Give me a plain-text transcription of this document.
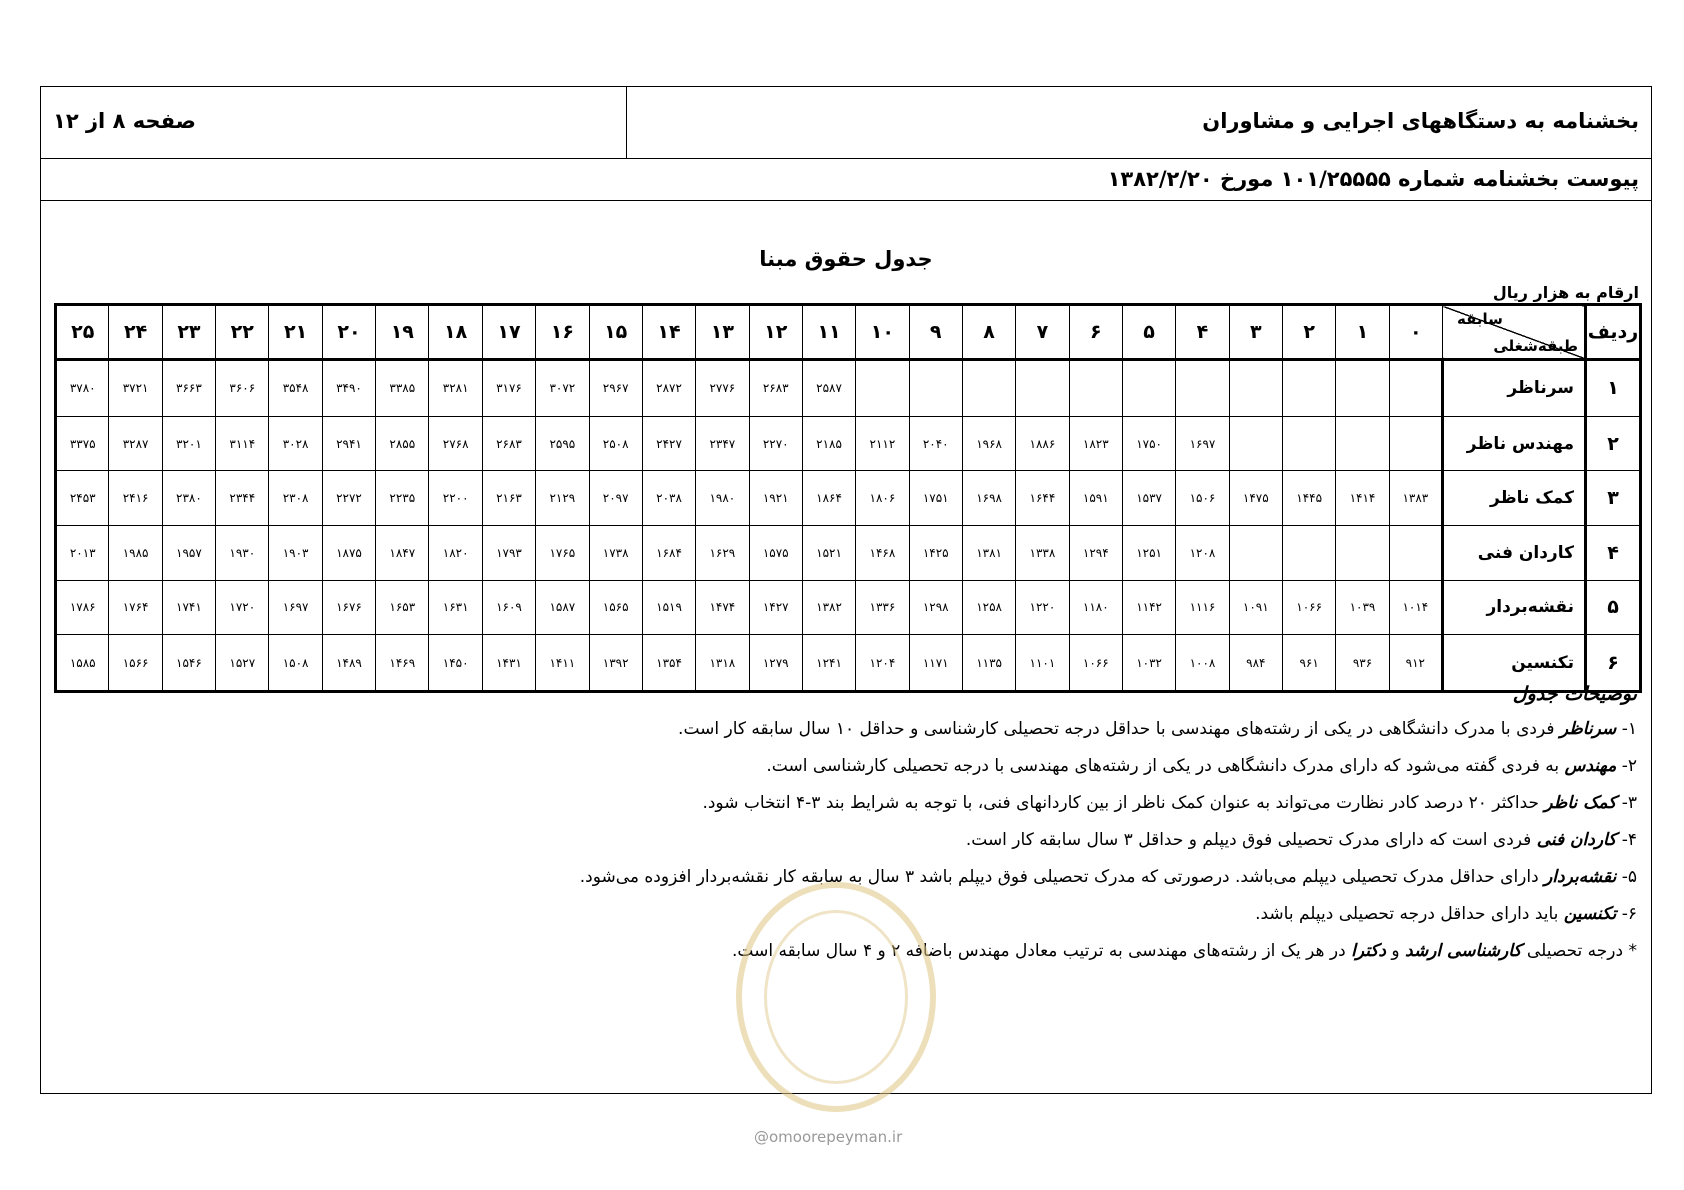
صفحه ۸ از ۱۲	بخشنامه به دستگاههای اجرایی و مشاوران
پیوست بخشنامه شماره ۱۰۱/۲۵۵۵۵ مورخ ۱۳۸۲/۲/۲۰
جدول حقوق مبنا
ارقام به هزار ریال
ردیف	سابقه
طبقه‌شغلی	۰	۱	۲	۳	۴	۵	۶	۷	۸	۹	۱۰	۱۱	۱۲	۱۳	۱۴	۱۵	۱۶	۱۷	۱۸	۱۹	۲۰	۲۱	۲۲	۲۳	۲۴	۲۵
۱	سرناظر												۲۵۸۷	۲۶۸۳	۲۷۷۶	۲۸۷۲	۲۹۶۷	۳۰۷۲	۳۱۷۶	۳۲۸۱	۳۳۸۵	۳۴۹۰	۳۵۴۸	۳۶۰۶	۳۶۶۳	۳۷۲۱	۳۷۸۰
۲	مهندس ناظر					۱۶۹۷	۱۷۵۰	۱۸۲۳	۱۸۸۶	۱۹۶۸	۲۰۴۰	۲۱۱۲	۲۱۸۵	۲۲۷۰	۲۳۴۷	۲۴۲۷	۲۵۰۸	۲۵۹۵	۲۶۸۳	۲۷۶۸	۲۸۵۵	۲۹۴۱	۳۰۲۸	۳۱۱۴	۳۲۰۱	۳۲۸۷	۳۳۷۵
۳	کمک ناظر	۱۳۸۳	۱۴۱۴	۱۴۴۵	۱۴۷۵	۱۵۰۶	۱۵۳۷	۱۵۹۱	۱۶۴۴	۱۶۹۸	۱۷۵۱	۱۸۰۶	۱۸۶۴	۱۹۲۱	۱۹۸۰	۲۰۳۸	۲۰۹۷	۲۱۲۹	۲۱۶۳	۲۲۰۰	۲۲۳۵	۲۲۷۲	۲۳۰۸	۲۳۴۴	۲۳۸۰	۲۴۱۶	۲۴۵۳
۴	کاردان فنی					۱۲۰۸	۱۲۵۱	۱۲۹۴	۱۳۳۸	۱۳۸۱	۱۴۲۵	۱۴۶۸	۱۵۲۱	۱۵۷۵	۱۶۲۹	۱۶۸۴	۱۷۳۸	۱۷۶۵	۱۷۹۳	۱۸۲۰	۱۸۴۷	۱۸۷۵	۱۹۰۳	۱۹۳۰	۱۹۵۷	۱۹۸۵	۲۰۱۳
۵	نقشه‌بردار	۱۰۱۴	۱۰۳۹	۱۰۶۶	۱۰۹۱	۱۱۱۶	۱۱۴۲	۱۱۸۰	۱۲۲۰	۱۲۵۸	۱۲۹۸	۱۳۳۶	۱۳۸۲	۱۴۲۷	۱۴۷۴	۱۵۱۹	۱۵۶۵	۱۵۸۷	۱۶۰۹	۱۶۳۱	۱۶۵۳	۱۶۷۶	۱۶۹۷	۱۷۲۰	۱۷۴۱	۱۷۶۴	۱۷۸۶
۶	تکنسین	۹۱۲	۹۳۶	۹۶۱	۹۸۴	۱۰۰۸	۱۰۳۲	۱۰۶۶	۱۱۰۱	۱۱۳۵	۱۱۷۱	۱۲۰۴	۱۲۴۱	۱۲۷۹	۱۳۱۸	۱۳۵۴	۱۳۹۲	۱۴۱۱	۱۴۳۱	۱۴۵۰	۱۴۶۹	۱۴۸۹	۱۵۰۸	۱۵۲۷	۱۵۴۶	۱۵۶۶	۱۵۸۵
توضیحات جدول
۱- سرناظر فردی با مدرک دانشگاهی در یکی از رشته‌های مهندسی با حداقل درجه تحصیلی کارشناسی و حداقل ۱۰ سال سابقه کار است.
۲- مهندس به فردی گفته می‌شود که دارای مدرک دانشگاهی در یکی از رشته‌های مهندسی با درجه تحصیلی کارشناسی است.
۳- کمک ناظر حداکثر ۲۰ درصد کادر نظارت می‌تواند به عنوان کمک ناظر از بین کاردانهای فنی، با توجه به شرایط بند ۳-۴ انتخاب شود.
۴- کاردان فنی فردی است که دارای مدرک تحصیلی فوق دیپلم و حداقل ۳ سال سابقه کار است.
۵- نقشه‌بردار دارای حداقل مدرک تحصیلی دیپلم می‌باشد. درصورتی که مدرک تحصیلی فوق دیپلم باشد ۳ سال به سابقه کار نقشه‌بردار افزوده می‌شود.
۶- تکنسین باید دارای حداقل درجه تحصیلی دیپلم باشد.
* درجه تحصیلی کارشناسی ارشد و دکترا در هر یک از رشته‌های مهندسی به ترتیب معادل مهندس باضافه ۲ و ۴ سال سابقه است.
@omoorepeyman.ir
